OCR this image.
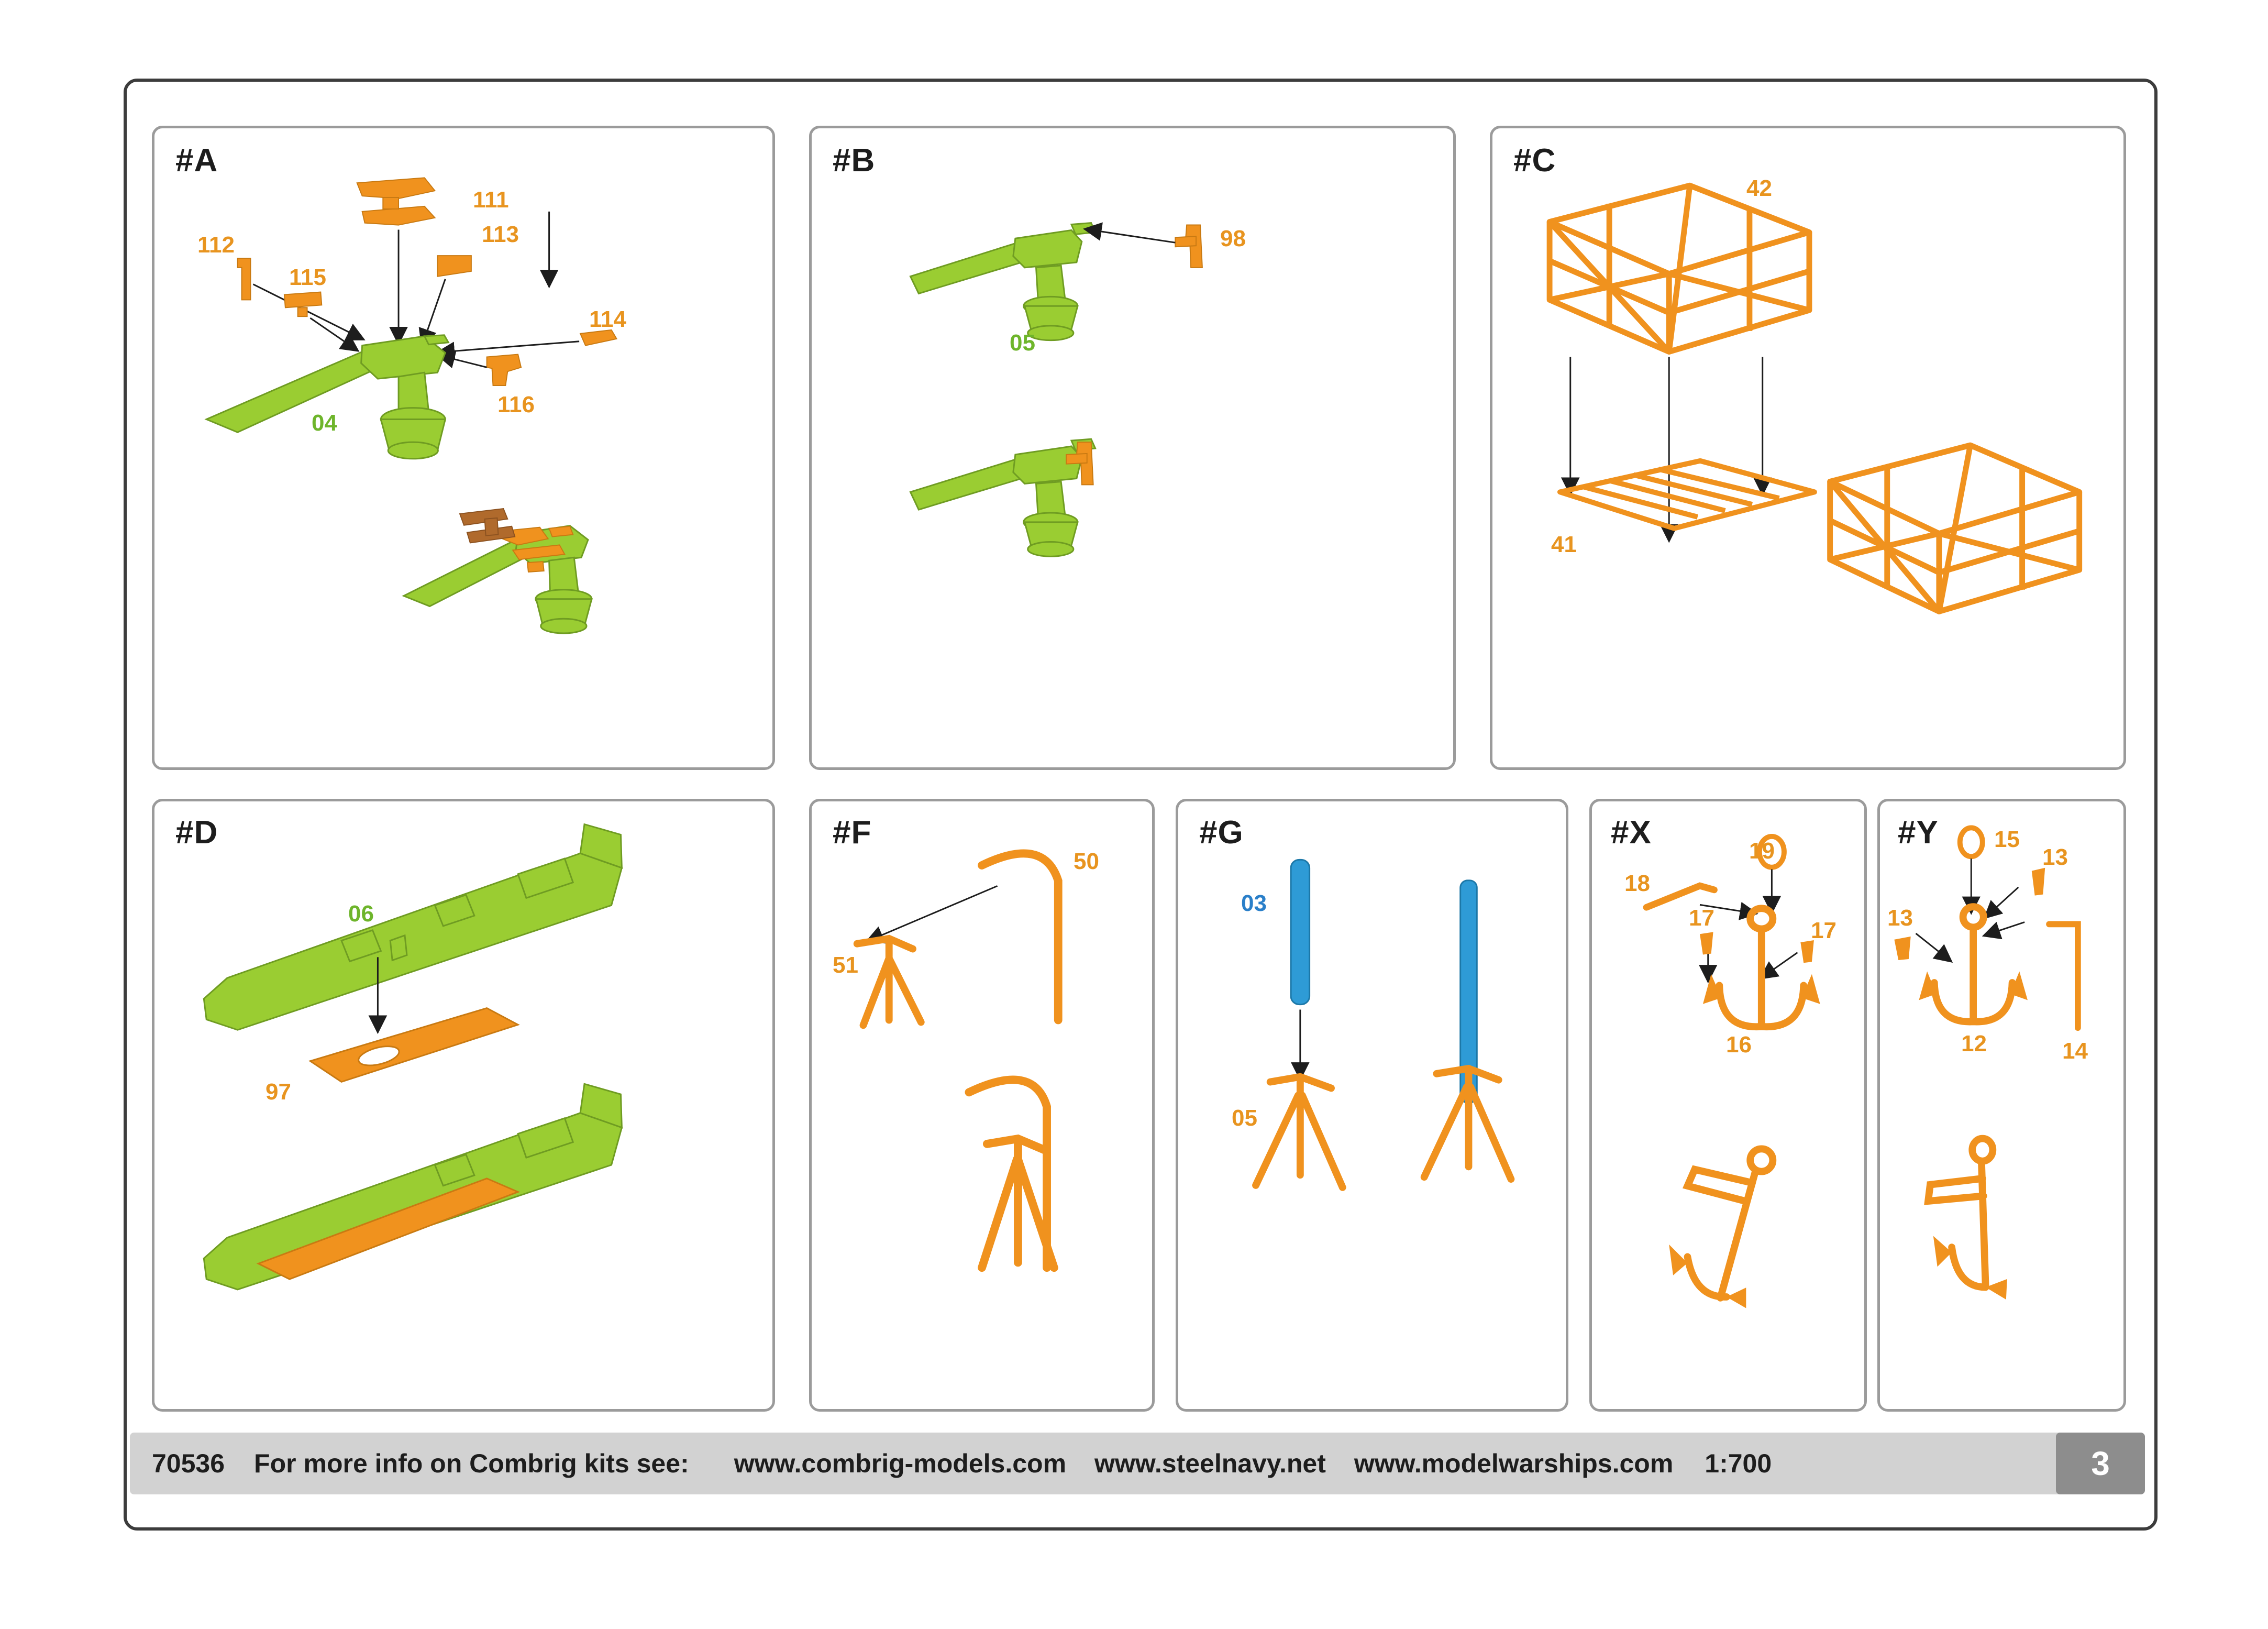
#A
111
113
112
115
114
116
04
#B
05
98
#C
42
41
#D
06
97
#F
50
51
#G
03
05
#X
19
18
17	17
16
#Y 15
13
13
12	14
70536 For more info on Combrig kits see: www.combrig-models.com www.steelnavy.net www.modelwarships.com 1:700	3
